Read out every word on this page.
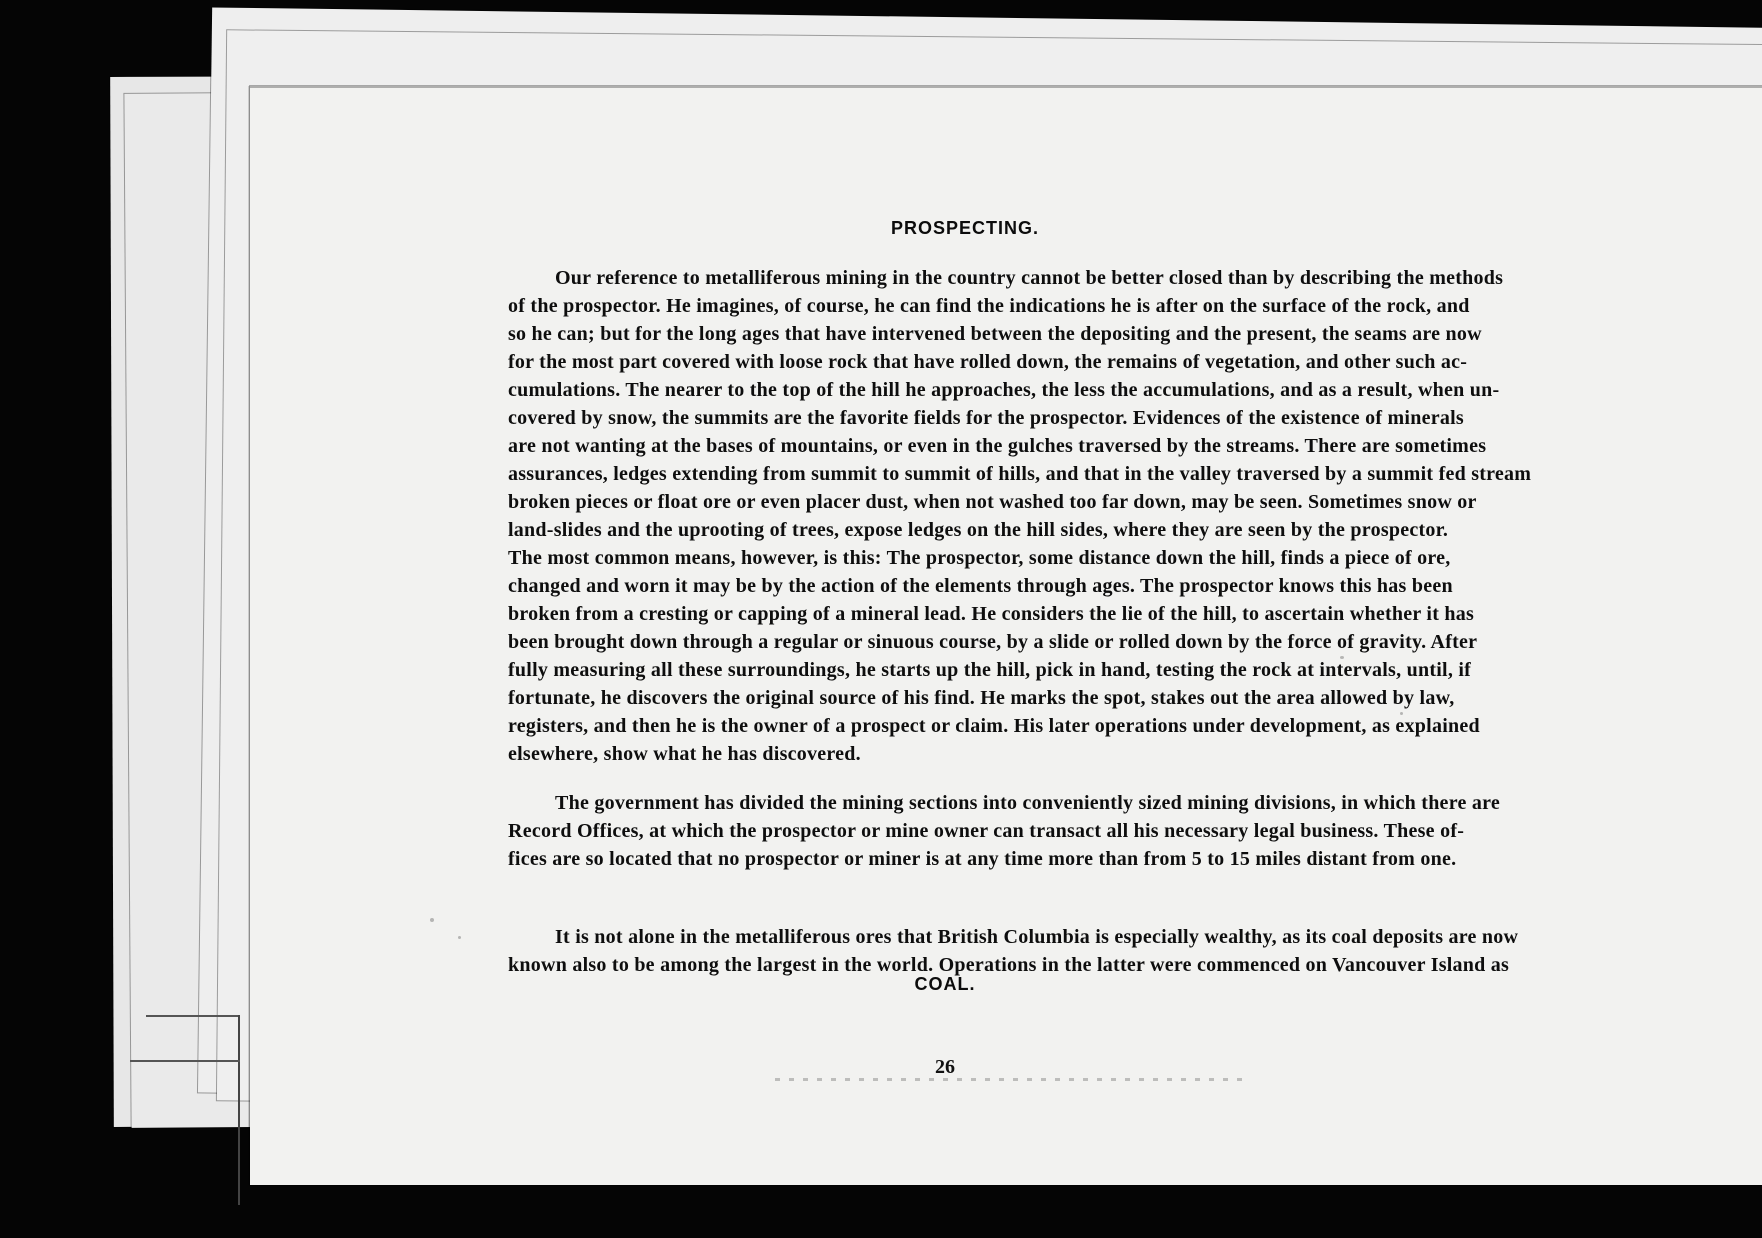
PROSPECTING.
Our reference to metalliferous mining in the country cannot be better closed than by describing the methods
of the prospector. He imagines, of course, he can find the indications he is after on the surface of the rock, and
so he can; but for the long ages that have intervened between the depositing and the present, the seams are now
for the most part covered with loose rock that have rolled down, the remains of vegetation, and other such ac-
cumulations. The nearer to the top of the hill he approaches, the less the accumulations, and as a result, when un-
covered by snow, the summits are the favorite fields for the prospector. Evidences of the existence of minerals
are not wanting at the bases of mountains, or even in the gulches traversed by the streams. There are sometimes
assurances, ledges extending from summit to summit of hills, and that in the valley traversed by a summit fed stream
broken pieces or float ore or even placer dust, when not washed too far down, may be seen. Sometimes snow or
land-slides and the uprooting of trees, expose ledges on the hill sides, where they are seen by the prospector.
The most common means, however, is this: The prospector, some distance down the hill, finds a piece of ore,
changed and worn it may be by the action of the elements through ages. The prospector knows this has been
broken from a cresting or capping of a mineral lead. He considers the lie of the hill, to ascertain whether it has
been brought down through a regular or sinuous course, by a slide or rolled down by the force of gravity. After
fully measuring all these surroundings, he starts up the hill, pick in hand, testing the rock at intervals, until, if
fortunate, he discovers the original source of his find. He marks the spot, stakes out the area allowed by law,
registers, and then he is the owner of a prospect or claim. His later operations under development, as explained
elsewhere, show what he has discovered.
The government has divided the mining sections into conveniently sized mining divisions, in which there are
Record Offices, at which the prospector or mine owner can transact all his necessary legal business. These of-
fices are so located that no prospector or miner is at any time more than from 5 to 15 miles distant from one.
COAL.
It is not alone in the metalliferous ores that British Columbia is especially wealthy, as its coal deposits are now
known also to be among the largest in the world. Operations in the latter were commenced on Vancouver Island as
26
